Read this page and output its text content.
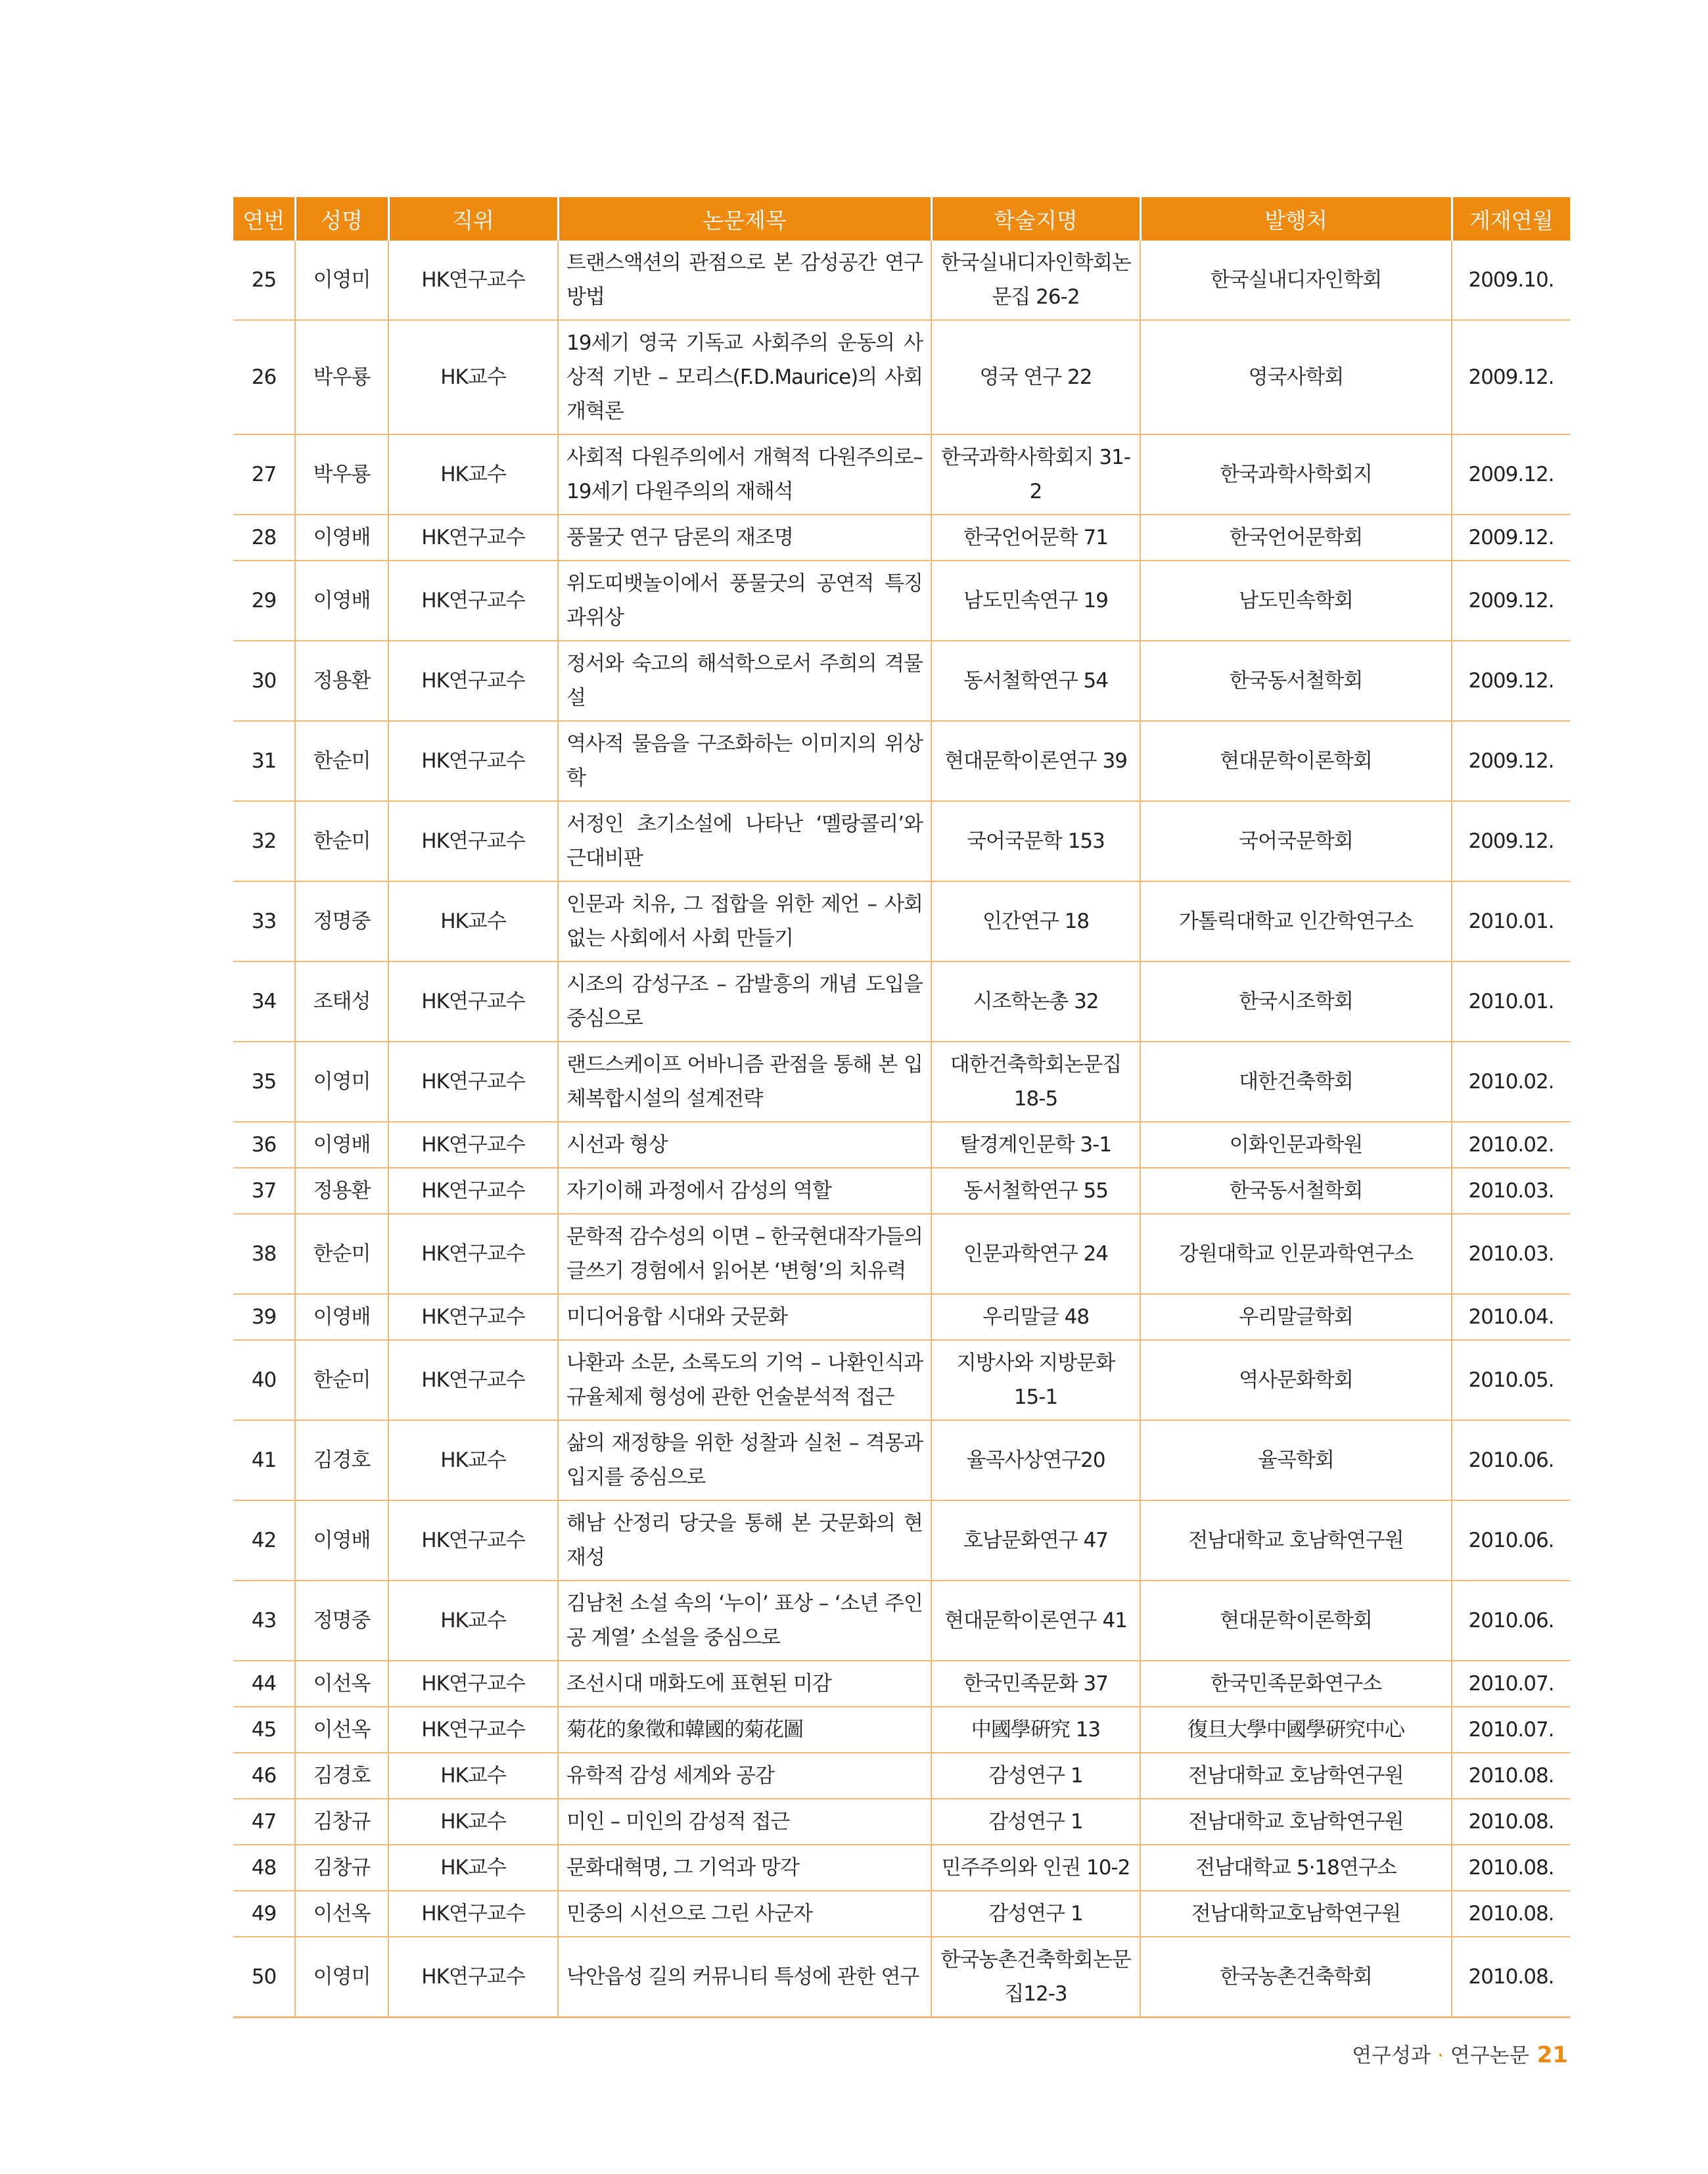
연번	성명	직위	논문제목	학술지명	발행처	게재연월
25	이영미	HK연구교수	트랜스액션의 관점으로 본 감성공간 연구방법	한국실내디자인학회논문집 26-2	한국실내디자인학회	2009.10.
26	박우룡	HK교수	19세기 영국 기독교 사회주의 운동의 사상적 기반 – 모리스(F.D.Maurice)의 사회개혁론	영국 연구 22	영국사학회	2009.12.
27	박우룡	HK교수	사회적 다원주의에서 개혁적 다원주의로–19세기 다원주의의 재해석	한국과학사학회지 31-2	한국과학사학회지	2009.12.
28	이영배	HK연구교수	풍물굿 연구 담론의 재조명	한국언어문학 71	한국언어문학회	2009.12.
29	이영배	HK연구교수	위도띠뱃놀이에서 풍물굿의 공연적 특징과위상	남도민속연구 19	남도민속학회	2009.12.
30	정용환	HK연구교수	정서와 숙고의 해석학으로서 주희의 격물설	동서철학연구 54	한국동서철학회	2009.12.
31	한순미	HK연구교수	역사적 물음을 구조화하는 이미지의 위상학	현대문학이론연구 39	현대문학이론학회	2009.12.
32	한순미	HK연구교수	서정인 초기소설에 나타난 ‘멜랑콜리’와 근대비판	국어국문학 153	국어국문학회	2009.12.
33	정명중	HK교수	인문과 치유, 그 접합을 위한 제언 – 사회없는 사회에서 사회 만들기	인간연구 18	가톨릭대학교 인간학연구소	2010.01.
34	조태성	HK연구교수	시조의 감성구조 – 감발흥의 개념 도입을 중심으로	시조학논총 32	한국시조학회	2010.01.
35	이영미	HK연구교수	랜드스케이프 어바니즘 관점을 통해 본 입체복합시설의 설계전략	대한건축학회논문집 18-5	대한건축학회	2010.02.
36	이영배	HK연구교수	시선과 형상	탈경계인문학 3-1	이화인문과학원	2010.02.
37	정용환	HK연구교수	자기이해 과정에서 감성의 역할	동서철학연구 55	한국동서철학회	2010.03.
38	한순미	HK연구교수	문학적 감수성의 이면 – 한국현대작가들의 글쓰기 경험에서 읽어본 ‘변형’의 치유력	인문과학연구 24	강원대학교 인문과학연구소	2010.03.
39	이영배	HK연구교수	미디어융합 시대와 굿문화	우리말글 48	우리말글학회	2010.04.
40	한순미	HK연구교수	나환과 소문, 소록도의 기억 – 나환인식과 규율체제 형성에 관한 언술분석적 접근	지방사와 지방문화 15-1	역사문화학회	2010.05.
41	김경호	HK교수	삶의 재정향을 위한 성찰과 실천 – 격몽과 입지를 중심으로	율곡사상연구20	율곡학회	2010.06.
42	이영배	HK연구교수	해남 산정리 당굿을 통해 본 굿문화의 현재성	호남문화연구 47	전남대학교 호남학연구원	2010.06.
43	정명중	HK교수	김남천 소설 속의 ‘누이’ 표상 – ‘소년 주인공 계열’ 소설을 중심으로	현대문학이론연구 41	현대문학이론학회	2010.06.
44	이선옥	HK연구교수	조선시대 매화도에 표현된 미감	한국민족문화 37	한국민족문화연구소	2010.07.
45	이선옥	HK연구교수	菊花的象徵和韓國的菊花圖	中國學硏究 13	復旦大學中國學硏究中心	2010.07.
46	김경호	HK교수	유학적 감성 세계와 공감	감성연구 1	전남대학교 호남학연구원	2010.08.
47	김창규	HK교수	미인 – 미인의 감성적 접근	감성연구 1	전남대학교 호남학연구원	2010.08.
48	김창규	HK교수	문화대혁명, 그 기억과 망각	민주주의와 인권 10-2	전남대학교 5·18연구소	2010.08.
49	이선옥	HK연구교수	민중의 시선으로 그린 사군자	감성연구 1	전남대학교호남학연구원	2010.08.
50	이영미	HK연구교수	낙안읍성 길의 커뮤니티 특성에 관한 연구	한국농촌건축학회논문집12-3	한국농촌건축학회	2010.08.
연구성과 · 연구논문 21
